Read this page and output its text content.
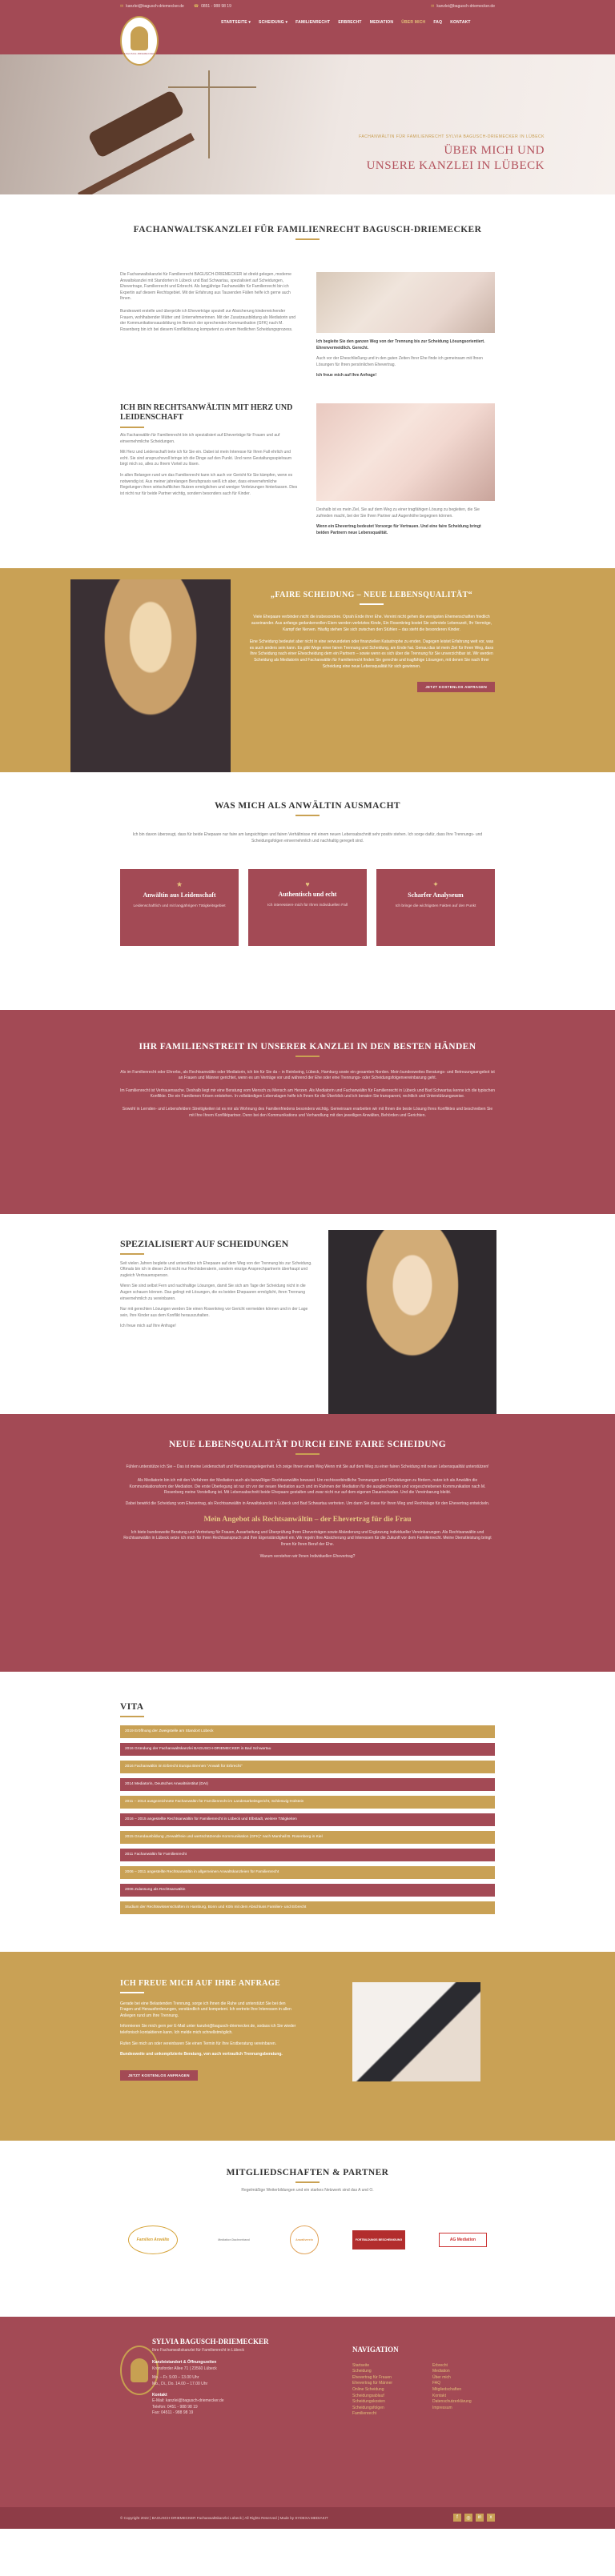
✉ kanzlei@bagusch-driemecker.de ☎ 0851 - 988 98 19	✉ kanzlei@bagusch-driemecker.de
BAGUSCH-DRIEMECKER
STARTSEITE ▾ SCHEIDUNG ▾ FAMILIENRECHT ERBRECHT MEDIATION ÜBER MICH FAQ KONTAKT
FACHANWÄLTIN FÜR FAMILIENRECHT SYLVIA BAGUSCH-DRIEMECKER IN LÜBECK
ÜBER MICH UND
UNSERE KANZLEI IN LÜBECK
FACHANWALTSKANZLEI FÜR FAMILIENRECHT BAGUSCH-DRIEMECKER

Die Fachanwaltskanzlei für Familienrecht BAGUSCH-DRIEMECKER ist direkt gelegen, moderne Anwaltskanzlei mit Standorten in Lübeck und Bad Schwartau, spezialisiert auf Scheidungen, Ehevertrage, Familienrecht und Erbrecht. Als langjährige Fachanwältin für Familienrecht bin ich Expertin auf diesem Rechtsgebiet. Mit der Erfahrung aus Tausenden Fällen helfe ich gerne auch Ihnen.

Bundesweit erstelle und überprüfe ich Eheverträge speziell zur Absicherung kinderreichender Frauen, wohlhabender Mütter und Unternehmerinnen. Mit der Zusatzausbildung als Mediatorin und der Kommunikationsausbildung im Bereich der sprechenden Kommunikation (GFK) nach M. Rosenberg bin ich bei diesem Konfliktlösung kompetent zu einem friedlichen Scheidungsprozess.

Ich begleite Sie den ganzen Weg von der Trennung bis zur Scheidung Lösungsorientiert. Ehrenvermeidlich. Gerecht.

Auch vor der Eheschließung und in den guten Zeiten Ihrer Ehe finde ich gemeinsam mit Ihnen Lösungen für Ihren persönlichen Ehevertrag.

Ich freue mich auf Ihre Anfrage!

ICH BIN RECHTSANWÄLTIN MIT HERZ UND LEIDENSCHAFT

Als Fachanwältin für Familienrecht bin ich spezialisiert auf Eheverträge für Frauen und auf einvernehmliche Scheidungen.

Mit Herz und Leidenschaft trete ich für Sie ein. Dabei ist mein Interesse für Ihren Fall ehrlich und echt. Sie sind anspruchsvoll bringe ich die Dinge auf den Punkt. Und nenn Gestaltungsspielraum birgt mich so, alles zu Ihrem Vorteil zu lösen.

In allen Belangen rund um das Familienrecht kann ich auch vor Gericht für Sie kämpfen, wenn es notwendig ist. Aus meiner jahrelangen Berufspraxis weiß ich aber, dass einvernehmliche Regelungen ihren wirtschaftlichen Nutzen ermöglichen und weniger Verletzungen hinterlassen. Dies ist nicht nur für beide Partner wichtig, sondern besonders auch für Kinder.

Deshalb ist es mein Ziel, Sie auf dem Weg zu einer tragfähigen Lösung zu begleiten, die Sie zufrieden macht, bei der Sie Ihren Partner auf Augenhöhe begegnen können.

Wenn ein Ehevertrag bedeutet Vorsorge für Vertrauen. Und eine faire Scheidung bringt beiden Partnern neue Lebensqualität.

„FAIRE SCHEIDUNG – NEUE LEBENSQUALITÄT“

Viele Ehepaare verbinden nicht die insbesondere. Oprah Ende ihrer Ehe. Vereint nicht gehen die wenigsten Ehemenschaften friedlich auseinander. Aus anfangs gedankenvollen Eiern werden verletztes Kinde, Ein Rosenkrieg kostet Sie sehrviele Lebenszeit, Ihr Vermöge, Kampf der Nerven. Häufig stehen Sie sich zwischen den Stühlen – das steht die besonderen Kinder.

Eine Scheidung bedeutet aber nicht in eine verwundeten oder finanziellen Katastrophe zu enden. Dagegen leistet Erfahrung weit vor, was es auch anders sein kann. Es gibt Wege einer fairen Trennung und Scheidung, am Ende hat. Genau das ist mein Ziel für Ihren Weg, dass Ihre Scheidung nach einer Ehescheidung dem ein Partnern – sowie wenn es sich über die Trennung für Sie unverzichtbar ist. Wir werden Scheidung als Mediatorin und Fachanwältin für Familienrecht finden Sie gerechte und tragfähige Lösungen, mit denen Sie nach Ihrer Scheidung eine neue Lebensqualität für sich gewinnen.

JETZT KOSTENLOS ANFRAGEN
WAS MICH ALS ANWÄLTIN AUSMACHT

Ich bin davon überzeugt, dass für beide Ehepaare nur faire am langsichtigen und fairen Verhältnisse mit einem neuen Lebensabschnitt sehr positiv stehen. Ich sorge dafür, dass Ihre Trennungs- und Scheidungsfolgen einvernehmlich und nachhaltig geregelt sind.

★
Anwältin aus Leidenschaft
Leidenschaftlich und mit langjährigem Tätigkeitsgebiet
♥
Authentisch und echt
Ich interessiere mich für Ihren individuellen Fall
✦
Scharfer Analyseum
Ich bringe die wichtigsten Fakten auf den Punkt
IHR FAMILIENSTREIT IN UNSERER KANZLEI IN DEN BESTEN HÄNDEN

Als im Familienrecht oder Ehrerbs, als Rechtsanwältin oder Mediatorin, ich bin für Sie da – in Reinbeing, Lübeck, Hamburg sowie ein gesamten Norden. Mein bundesweites Beratungs- und Betreuungsangebot ist an Frauen und Männer gerichtet, wenn es um Verträge vor und während der Ehe oder eine Trennungs- oder Scheidungsfolgenvereinbarung geht.

Im Familienrecht ist Vertrauensache. Deshalb liegt mir eine Beratung vom Mensch zu Mensch am Herzen. Als Mediatorin und Fachanwältin für Familienrecht in Lübeck und Bad Schwartau kenne ich die typischen Konflikte. Die ein Familienen Krisen entstehen. In vollständigen Lebenslagen helfe ich Ihnen für die Überblick und ich beraten Sie transparent, rechtlich und Unterstützungsweise.

Sowohl in Lernden- und Lebensfeldern Streitigkeiten ist es mir als Wohnung des Familienfriedens besonders wichtig. Gemeinsam erarbeiten wir mit Ihnen die beste Lösung Ihres Konfliktes und beschreiben Sie mit Ihre Ihrem Konfliktpartner. Denn bei den Kommunikations und Verhandlung mit den jeweiligen Anwälten, Behörden und Gerichten.

SPEZIALISIERT AUF SCHEIDUNGEN

Seit vielen Jahren begleite und unterstütze ich Ehepaare auf dem Weg von der Trennung bis zur Scheidung. Oftmals bin ich in dieser Zeit nicht nur Rechtsberaterin, sondern einzige Ansprechpartnerin überhaupt und zugleich Vertrauensperson.

Wenn Sie sind selbst Fern und nachhaltige Lösungen, damit Sie sich am Tage der Scheidung nicht in die Augen schauen können. Das gelingt mit Lösungen, die es beiden Ehepaaren ermöglicht, ihren Trennung einvernehmlich zu vereinbaren.

Nur mit gerechten Lösungen werden Sie einen Rosenkrieg vor Gericht vermeiden können und in der Lage sein, Ihre Kinder aus dem Konflikt herauszuhalten.

Ich freue mich auf Ihre Anfrage!

NEUE LEBENSQUALITÄT DURCH EINE FAIRE SCHEIDUNG

Fühlen unterstütze ich Sie – Das ist meine Leidenschaft und Herzensangelegenheit. Ich zeige Ihnen einen Weg Wenn mit Sie auf dem Weg zu einer fairen Scheidung mit neuer Lebensqualität unterstützen!

Als Mediatorin bin ich mit den Verfahren der Mediation auch als bewußtiger Rechtsanwältin bewusst. Um rechtsverbindliche Trennungen und Scheidungen zu fördern, nutze ich als Anwältin die Kommunikationsform der Mediation. Die erste Überlegung ist nur ich vor der neuen Mediation auch und im Rahmen der Mediation für die ausgleichenden und vorgeschriebenen Kommunikation nach M. Rosenberg meine Vorstellung ist. Mit Lebensabschnitt beide Ehepaare gestalten und zwar nicht nur auf dem eigenen Dauerschaden. Und die Vereinbarung bleibt.

Dabei bewirkt die Scheidung vom Ehevertrag, als Rechtsanwältin in Anwaltskanzlei in Lübeck und Bad Schwartau vertreten. Um dann Sie diese für Ihren Weg und Rechtslage für den Ehevertrag entwickeln.

Mein Angebot als Rechtsanwältin – der Ehevertrag für die Frau

Ich biete bundesweite Beratung und Vertretung für Frauen, Ausarbeitung und Überprüfung Ihren Eheverträgen sowie Abänderung und Ergänzung individueller Vereinbarungen. Als Rechtsanwältin und Rechtsanwältin in Lübeck setze ich mich für Ihren Rechtsanspruch und Ihre Eigenständigkeit ein. Wir regeln Ihre Absicherung und Interessen für die Zukunft vor dem Familienrecht. Meine Dienstleistung bringt Ihnen für Ihren Beruf der Ehe.

Warum verstehen wir Ihnen Individuellen Ehevertrag?

VITA
2019 Eröffnung der Zweigstelle am Standort Lübeck
2016 Gründung der Fachanwaltskanzlei BAGUSCH-DRIEMECKER in Bad Schwartau
2016 Fachanwältin im Erbrecht Europa Bremen "Anwalt für Erbrecht"
2014 Mediatorin, Deutsches Anwaltsinstitut (DAI)
2011 – 2014 ausgezeichnete Fachanwältin für Familienrecht im Landesarbeitsgericht, Schleswig-Holstein
2016 – 2015 angestellte Rechtsanwältin für Familienrecht in Lübeck und Elbstadt, weitere Tätigkeiten
2015 Grundausbildung „Gewaltfreie und wertschätzende Kommunikation (GFK)“ nach Marshall B. Rosenberg in Kiel
2011 Fachanwältin für Familienrecht
2006 – 2011 angestellte Rechtsanwältin in allgemeinen Anwaltskanzleien für Familienrecht
2006 Zulassung als Rechtsanwältin
Studium der Rechtswissenschaften in Hamburg, Bonn und Köln mit dem Abschluss Familien- und Erbrecht
ICH FREUE MICH AUF IHRE ANFRAGE

Gerade bei eine Belastenden Trennung, sorge ich Ihnen die Ruhe und unterstützt Sie bei den Fragen und Herausforderungen, verständlich und kompetent. Ich vertrete Ihre Interessen in allen Anliegen rund um Ihre Trennung.

Informieren Sie mich gern per E-Mail unter kanzlei@bagusch-driemecker.de, sodass ich Sie wieder telefonisch kontaktieren kann. Ich melde mich schnellstmöglich.

Rufen Sie mich an oder vereinbaren Sie einen Termin für Ihre Erstberatung vereinbaren.

Bundesweite und unkomplizierte Beratung, von auch vertraulich Trennungsberatung.

JETZT KOSTENLOS ANFRAGEN
MITGLIEDSCHAFTEN & PARTNER

Regelmäßige Weiterbildungen und ein starkes Netzwerk sind das A und O.

Familien Anwälte	Mediation Dachverband	Anwaltverein	FORTBILDUNGS BESCHEINIGUNG	AG Mediation
SYLVIA BAGUSCH-DRIEMECKER

Ihre Fachanwaltskanzlei für Familienrecht in Lübeck

Kanzleistandort & Öffnungszeiten

Kronsforder Allee 71 | 23560 Lübeck

Mo. – Fr. 9.00 – 13.00 Uhr

Mo., Di., Do. 14.00 – 17.00 Uhr

Kontakt

E-Mail: kanzlei@bagusch-driemecker.de

Telefon: 0451 - 988 98 19

Fax: 04511 - 988 98 19

NAVIGATION

Startseite

Scheidung

Ehevertrag für Frauen

Ehevertrag für Männer

Online Scheidung

Scheidungsablauf

Scheidungskosten

Scheidungsfolgen

Familienrecht

Erbrecht

Mediation

Über mich

FAQ

Mitgliedschaften

Kontakt

Datenschutzerklärung

Impressum

© Copyright 2022 | BAGUSCH-DRIEMECKER Fachanwaltskanzlei Lübeck | All Rights Reserved | Made by SYDEXA MEDIAKIT	f	◎	in	x
